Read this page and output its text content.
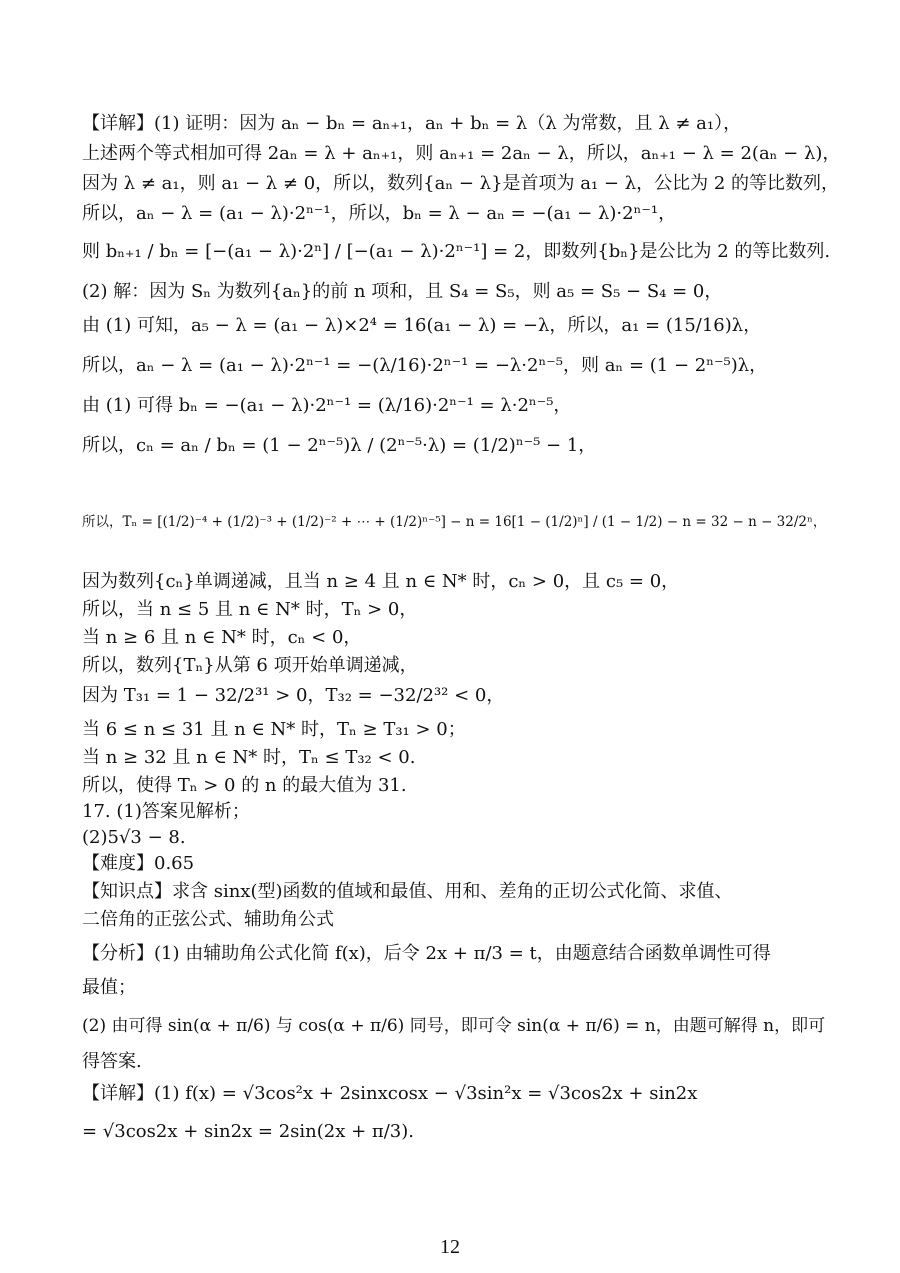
【详解】(1) 证明：因为 aₙ − bₙ = aₙ₊₁，aₙ + bₙ = λ（λ 为常数，且 λ ≠ a₁），
上述两个等式相加可得 2aₙ = λ + aₙ₊₁，则 aₙ₊₁ = 2aₙ − λ，所以，aₙ₊₁ − λ = 2(aₙ − λ)，
因为 λ ≠ a₁，则 a₁ − λ ≠ 0，所以，数列{aₙ − λ}是首项为 a₁ − λ，公比为 2 的等比数列，
所以，aₙ − λ = (a₁ − λ)·2ⁿ⁻¹，所以，bₙ = λ − aₙ = −(a₁ − λ)·2ⁿ⁻¹，
则 bₙ₊₁ / bₙ = [−(a₁ − λ)·2ⁿ] / [−(a₁ − λ)·2ⁿ⁻¹] = 2，即数列{bₙ}是公比为 2 的等比数列.
(2) 解：因为 Sₙ 为数列{aₙ}的前 n 项和，且 S₄ = S₅，则 a₅ = S₅ − S₄ = 0，
由 (1) 可知，a₅ − λ = (a₁ − λ)×2⁴ = 16(a₁ − λ) = −λ，所以，a₁ = (15/16)λ，
所以，aₙ − λ = (a₁ − λ)·2ⁿ⁻¹ = −(λ/16)·2ⁿ⁻¹ = −λ·2ⁿ⁻⁵，则 aₙ = (1 − 2ⁿ⁻⁵)λ，
由 (1) 可得 bₙ = −(a₁ − λ)·2ⁿ⁻¹ = (λ/16)·2ⁿ⁻¹ = λ·2ⁿ⁻⁵，
所以，cₙ = aₙ / bₙ = (1 − 2ⁿ⁻⁵)λ / (2ⁿ⁻⁵·λ) = (1/2)ⁿ⁻⁵ − 1，
所以，Tₙ = [(1/2)⁻⁴ + (1/2)⁻³ + (1/2)⁻² + ⋯ + (1/2)ⁿ⁻⁵] − n = 16[1 − (1/2)ⁿ] / (1 − 1/2) − n = 32 − n − 32/2ⁿ，
因为数列{cₙ}单调递减，且当 n ≥ 4 且 n ∈ N* 时，cₙ > 0，且 c₅ = 0，
所以，当 n ≤ 5 且 n ∈ N* 时，Tₙ > 0，
当 n ≥ 6 且 n ∈ N* 时，cₙ < 0，
所以，数列{Tₙ}从第 6 项开始单调递减，
因为 T₃₁ = 1 − 32/2³¹ > 0，T₃₂ = −32/2³² < 0，
当 6 ≤ n ≤ 31 且 n ∈ N* 时，Tₙ ≥ T₃₁ > 0；
当 n ≥ 32 且 n ∈ N* 时，Tₙ ≤ T₃₂ < 0.
所以，使得 Tₙ > 0 的 n 的最大值为 31.
17. (1)答案见解析；
(2)5√3 − 8.
【难度】0.65
【知识点】求含 sinx(型)函数的值域和最值、用和、差角的正切公式化简、求值、
二倍角的正弦公式、辅助角公式
【分析】(1) 由辅助角公式化简 f(x)，后令 2x + π/3 = t，由题意结合函数单调性可得
最值；
(2) 由可得 sin(α + π/6) 与 cos(α + π/6) 同号，即可令 sin(α + π/6) = n，由题可解得 n，即可
得答案.
【详解】(1) f(x) = √3cos²x + 2sinxcosx − √3sin²x = √3cos2x + sin2x
= √3cos2x + sin2x = 2sin(2x + π/3).
12
